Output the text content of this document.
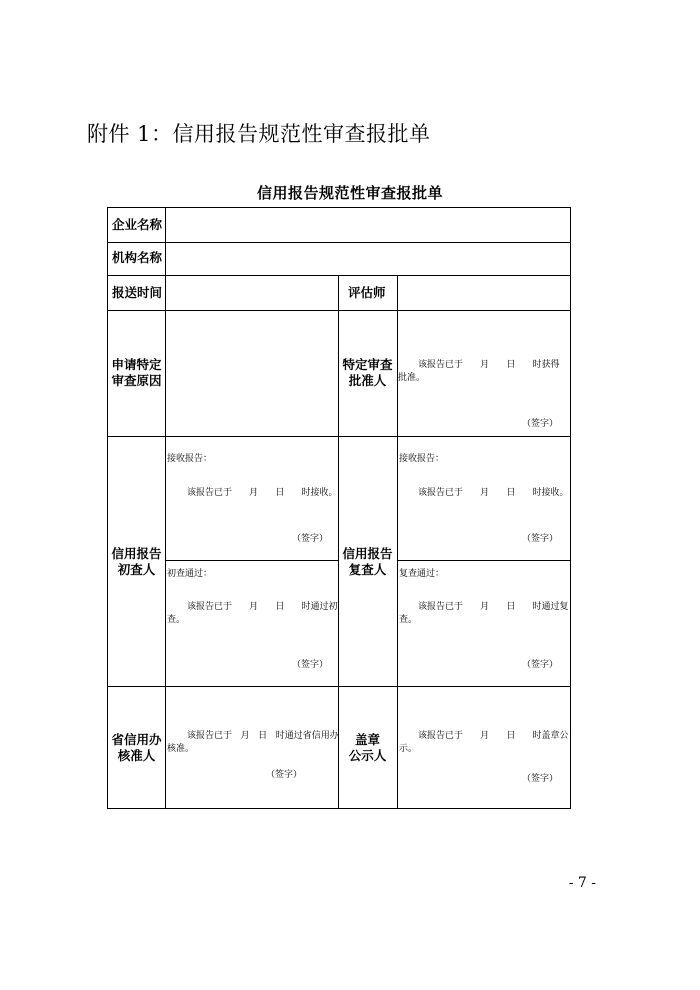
附件 1：信用报告规范性审查报批单
信用报告规范性审查报批单
企业名称
机构名称
报送时间	评估师
申请特定
审查原因
特定审查
批准人
该报告已于      月      日      时获得
批准。
（签字）
信用报告
初查人
接收报告：
该报告已于      月      日      时接收。
（签字）
信用报告
复查人
接收报告：
该报告已于      月      日      时接收。
（签字）
初查通过：
该报告已于      月      日      时通过初
查。
（签字）
复查通过：
该报告已于      月      日      时通过复
查。
（签字）
省信用办
核准人
该报告已于   月   日   时通过省信用办
核准。
（签字）
盖章
公示人
该报告已于      月      日      时盖章公
示。
（签字）
- 7 -
